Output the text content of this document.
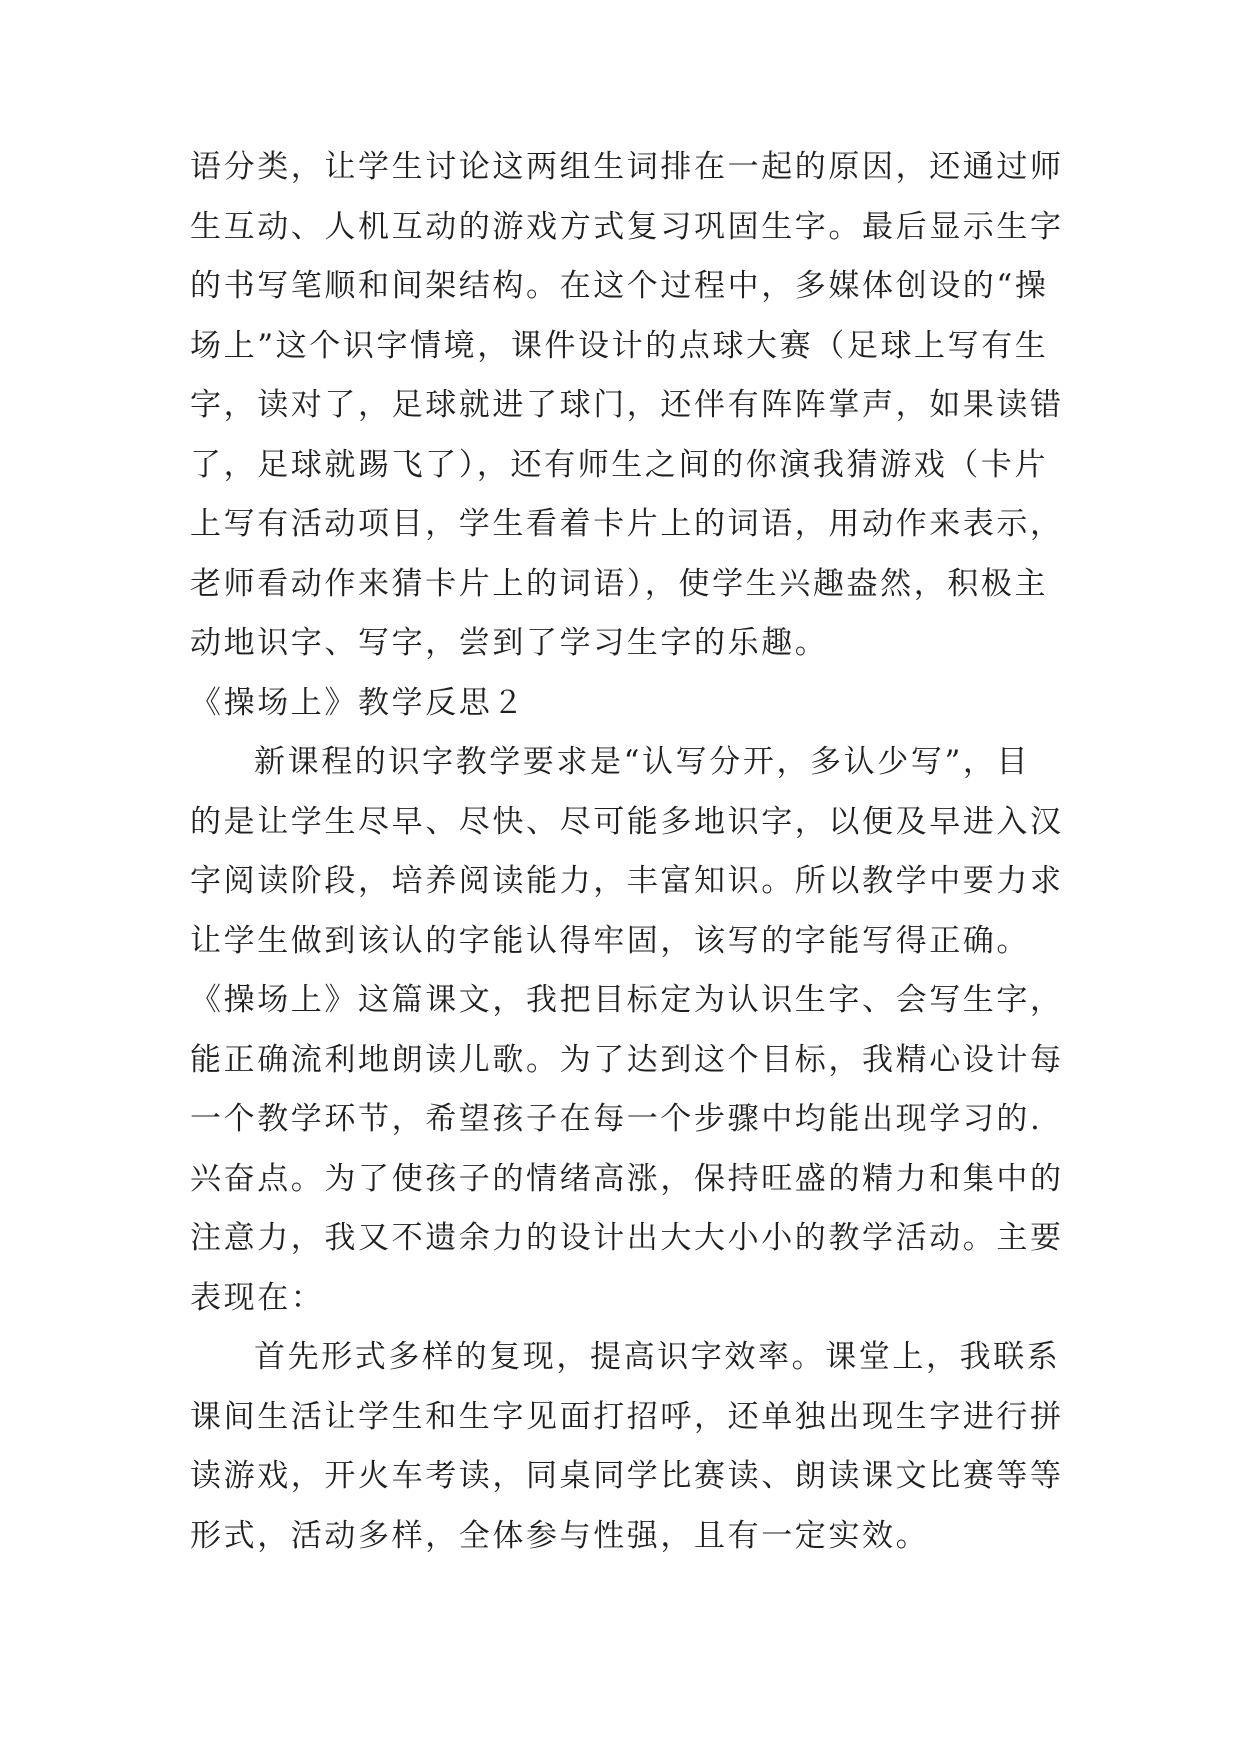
语分类，让学生讨论这两组生词排在一起的原因，还通过师
生互动、人机互动的游戏方式复习巩固生字。最后显示生字
的书写笔顺和间架结构。在这个过程中，多媒体创设的“操
场上”这个识字情境，课件设计的点球大赛（足球上写有生
字，读对了，足球就进了球门，还伴有阵阵掌声，如果读错
了，足球就踢飞了），还有师生之间的你演我猜游戏（卡片
上写有活动项目，学生看着卡片上的词语，用动作来表示，
老师看动作来猜卡片上的词语），使学生兴趣盎然，积极主
动地识字、写字，尝到了学习生字的乐趣。
《操场上》教学反思２
新课程的识字教学要求是“认写分开，多认少写”，目
的是让学生尽早、尽快、尽可能多地识字，以便及早进入汉
字阅读阶段，培养阅读能力，丰富知识。所以教学中要力求
让学生做到该认的字能认得牢固，该写的字能写得正确。
《操场上》这篇课文，我把目标定为认识生字、会写生字，
能正确流利地朗读儿歌。为了达到这个目标，我精心设计每
一个教学环节，希望孩子在每一个步骤中均能出现学习的.
兴奋点。为了使孩子的情绪高涨，保持旺盛的精力和集中的
注意力，我又不遗余力的设计出大大小小的教学活动。主要
表现在：
首先形式多样的复现，提高识字效率。课堂上，我联系
课间生活让学生和生字见面打招呼，还单独出现生字进行拼
读游戏，开火车考读，同桌同学比赛读、朗读课文比赛等等
形式，活动多样，全体参与性强，且有一定实效。
